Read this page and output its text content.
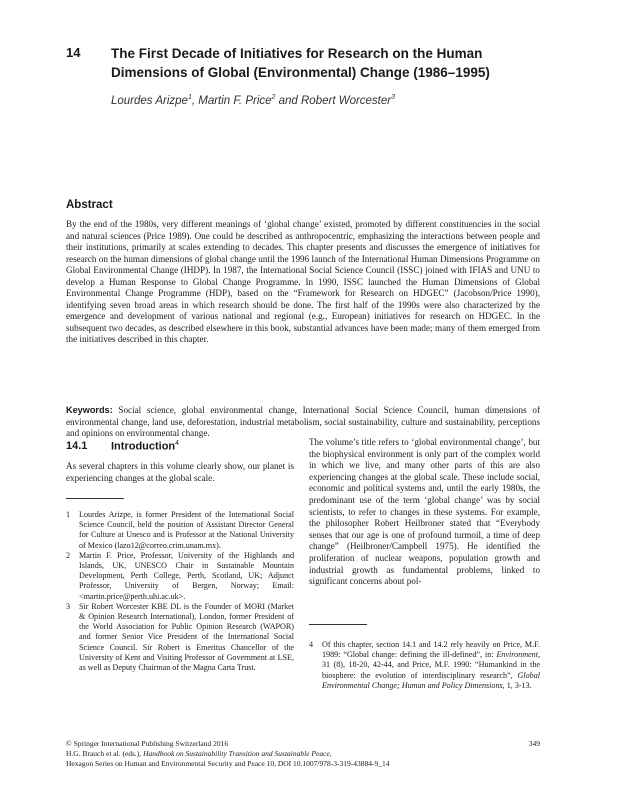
14 The First Decade of Initiatives for Research on the Human Dimensions of Global (Environmental) Change (1986–1995)
Lourdes Arizpe$^1$, Martin F. Price$^2$ and Robert Worcester$^3$
Abstract
By the end of the 1980s, very different meanings of ‘global change’ existed, promoted by different constituencies in the social and natural sciences (Price 1989). One could be described as anthropocentric, emphasizing the interactions between people and their institutions, primarily at scales extending to decades. This chapter presents and discusses the emergence of initiatives for research on the human dimensions of global change until the 1996 launch of the International Human Dimensions Programme on Global Environmental Change (IHDP). In 1987, the International Social Science Council (ISSC) joined with IFIAS and UNU to develop a Human Response to Global Change Programme. In 1990, ISSC launched the Human Dimensions of Global Environmental Change Programme (HDP), based on the “Framework for Research on HDGEC” (Jacobson/Price 1990), identifying seven broad areas in which research should be done. The first half of the 1990s were also characterized by the emergence and development of various national and regional (e.g., European) initiatives for research on HDGEC. In the subsequent two decades, as described elsewhere in this book, substantial advances have been made; many of them emerged from the initiatives described in this chapter.
Keywords: Social science, global environmental change, International Social Science Council, human dimensions of environmental change, land use, deforestation, industrial metabolism, social sustainability, culture and sustainability, perceptions and opinions on environmental change.
14.1 Introduction$^4$
As several chapters in this volume clearly show, our planet is experiencing changes at the global scale.
1	Lourdes Arizpe, is former President of the International Social Science Council, held the position of Assistant Director General for Culture at Unesco and is Professor at the National University of Mexico (lazo12@correo.crim.unam.mx).
2	Martin F. Price, Professor, University of the Highlands and Islands, UK, UNESCO Chair in Sustainable Mountain Development, Perth College, Perth, Scotland, UK; Adjunct Professor, University of Bergen, Norway; Email: <martin.price@perth.uhi.ac.uk>.
3	Sir Robert Worcester KBE DL is the Founder of MORI (Market & Opinion Research International), London, former President of the World Association for Public Opinion Research (WAPOR) and former Senior Vice President of the International Social Science Council. Sir Robert is Emeritus Chancellor of the University of Kent and Visiting Professor of Government at LSE, as well as Deputy Chairman of the Magna Carta Trust.
The volume’s title refers to ‘global environmental change’, but the biophysical environment is only part of the complex world in which we live, and many other parts of this are also experiencing changes at the global scale. These include social, economic and political systems and, until the early 1980s, the predominant use of the term ‘global change’ was by social scientists, to refer to changes in these systems. For example, the philosopher Robert Heilbroner stated that “Everybody senses that our age is one of profound turmoil, a time of deep change” (Heilbroner/Campbell 1975). He identified the proliferation of nuclear weapons, population growth and industrial growth as fundamental problems, linked to significant concerns about pol-
4	Of this chapter, section 14.1 and 14.2 rely heavily on Price, M.F. 1989: “Global change: defining the ill-defined”, in: Environment, 31 (8), 18-20, 42-44, and Price, M.F. 1990: “Humankind in the biosphere: the evolution of interdisciplinary research”, Global Environmental Change; Human and Policy Dimensions, 1, 3-13.
© Springer International Publishing Switzerland 2016
H.G. Brauch et al. (eds.), Handbook on Sustainability Transition and Sustainable Peace,
Hexagon Series on Human and Environmental Security and Peace 10, DOI 10.1007/978-3-319-43884-9_14
349
